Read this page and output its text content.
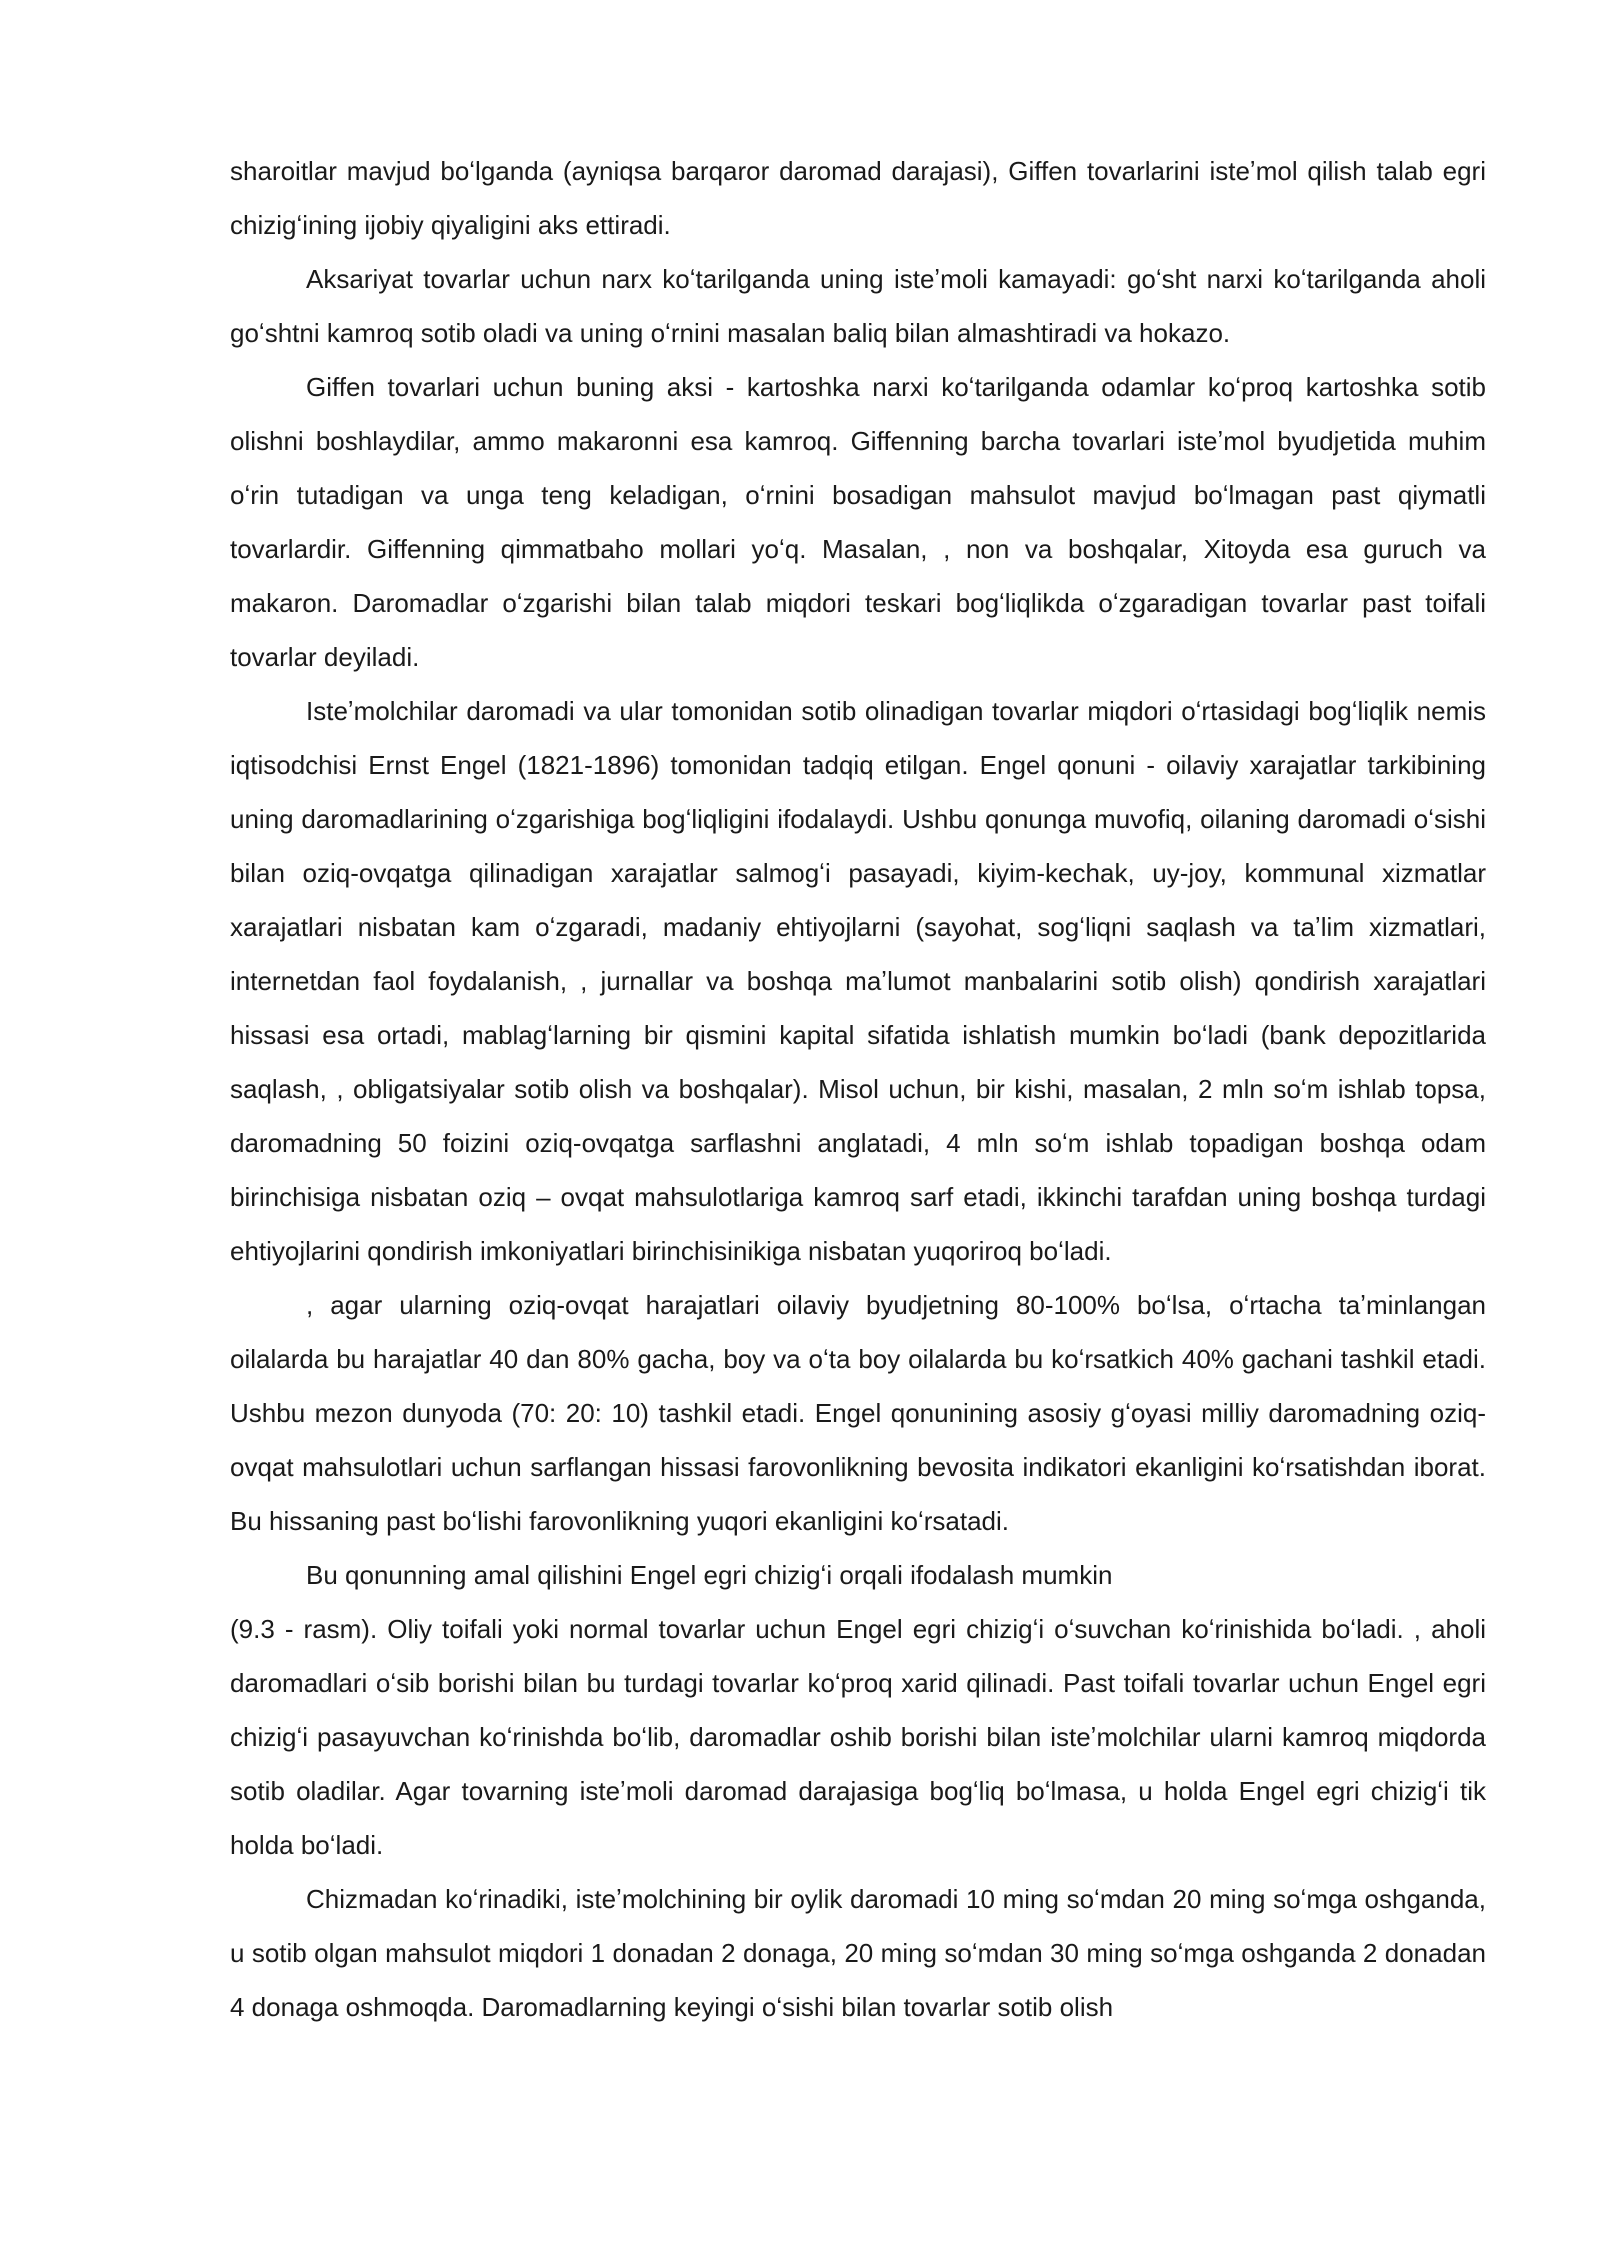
sharoitlar mavjud boʻlganda (ayniqsa barqaror daromad darajasi), Giffen tovarlarini isteʼmol qilish talab egri chizigʻining ijobiy qiyaligini aks ettiradi.

Aksariyat tovarlar uchun narx koʻtarilganda uning isteʼmoli kamayadi: goʻsht narxi koʻtarilganda aholi goʻshtni kamroq sotib oladi va uning oʻrnini masalan baliq bilan almashtiradi va hokazo.

Giffen tovarlari uchun buning aksi - kartoshka narxi koʻtarilganda odamlar koʻproq kartoshka sotib olishni boshlaydilar, ammo makaronni esa kamroq. Giffenning barcha tovarlari isteʼmol byudjetida muhim oʻrin tutadigan va unga teng keladigan, oʻrnini bosadigan mahsulot mavjud boʻlmagan past qiymatli tovarlardir. Giffenning qimmatbaho mollari yoʻq. Masalan, , non va boshqalar, Xitoyda esa guruch va makaron. Daromadlar oʻzgarishi bilan talab miqdori teskari bogʻliqlikda oʻzgaradigan tovarlar past toifali tovarlar deyiladi.

Isteʼmolchilar daromadi va ular tomonidan sotib olinadigan tovarlar miqdori oʻrtasidagi bogʻliqlik nemis iqtisodchisi Ernst Engel (1821-1896) tomonidan tadqiq etilgan. Engel qonuni - oilaviy xarajatlar tarkibining uning daromadlarining oʻzgarishiga bogʻliqligini ifodalaydi. Ushbu qonunga muvofiq, oilaning daromadi oʻsishi bilan oziq-ovqatga qilinadigan xarajatlar salmogʻi pasayadi, kiyim-kechak, uy-joy, kommunal xizmatlar xarajatlari nisbatan kam oʻzgaradi, madaniy ehtiyojlarni (sayohat, sogʻliqni saqlash va taʼlim xizmatlari, internetdan faol foydalanish, , jurnallar va boshqa maʼlumot manbalarini sotib olish) qondirish xarajatlari hissasi esa ortadi, mablagʻlarning bir qismini kapital sifatida ishlatish mumkin boʻladi (bank depozitlarida saqlash, , obligatsiyalar sotib olish va boshqalar). Misol uchun, bir kishi, masalan, 2 mln soʻm ishlab topsa, daromadning 50 foizini oziq-ovqatga sarflashni anglatadi, 4 mln soʻm ishlab topadigan boshqa odam birinchisiga nisbatan oziq – ovqat mahsulotlariga kamroq sarf etadi, ikkinchi tarafdan uning boshqa turdagi ehtiyojlarini qondirish imkoniyatlari birinchisinikiga nisbatan yuqoriroq boʻladi.

, agar ularning oziq-ovqat harajatlari oilaviy byudjetning 80-100% boʻlsa, oʻrtacha taʼminlangan oilalarda bu harajatlar 40 dan 80% gacha, boy va oʻta boy oilalarda bu koʻrsatkich 40% gachani tashkil etadi. Ushbu mezon dunyoda (70: 20: 10) tashkil etadi. Engel qonunining asosiy gʻoyasi milliy daromadning oziq-ovqat mahsulotlari uchun sarflangan hissasi farovonlikning bevosita indikatori ekanligini koʻrsatishdan iborat. Bu hissaning past boʻlishi farovonlikning yuqori ekanligini koʻrsatadi.

Bu qonunning amal qilishini Engel egri chizigʻi orqali ifodalash mumkin

(9.3 - rasm). Oliy toifali yoki normal tovarlar uchun Engel egri chizigʻi oʻsuvchan koʻrinishida boʻladi. , aholi daromadlari oʻsib borishi bilan bu turdagi tovarlar koʻproq xarid qilinadi. Past toifali tovarlar uchun Engel egri chizigʻi pasayuvchan koʻrinishda boʻlib, daromadlar oshib borishi bilan isteʼmolchilar ularni kamroq miqdorda sotib oladilar. Agar tovarning isteʼmoli daromad darajasiga bogʻliq boʻlmasa, u holda Engel egri chizigʻi tik holda boʻladi.

Chizmadan koʻrinadiki, isteʼmolchining bir oylik daromadi 10 ming soʻmdan 20 ming soʻmga oshganda, u sotib olgan mahsulot miqdori 1 donadan 2 donaga, 20 ming soʻmdan 30 ming soʻmga oshganda 2 donadan 4 donaga oshmoqda. Daromadlarning keyingi oʻsishi bilan tovarlar sotib olish
